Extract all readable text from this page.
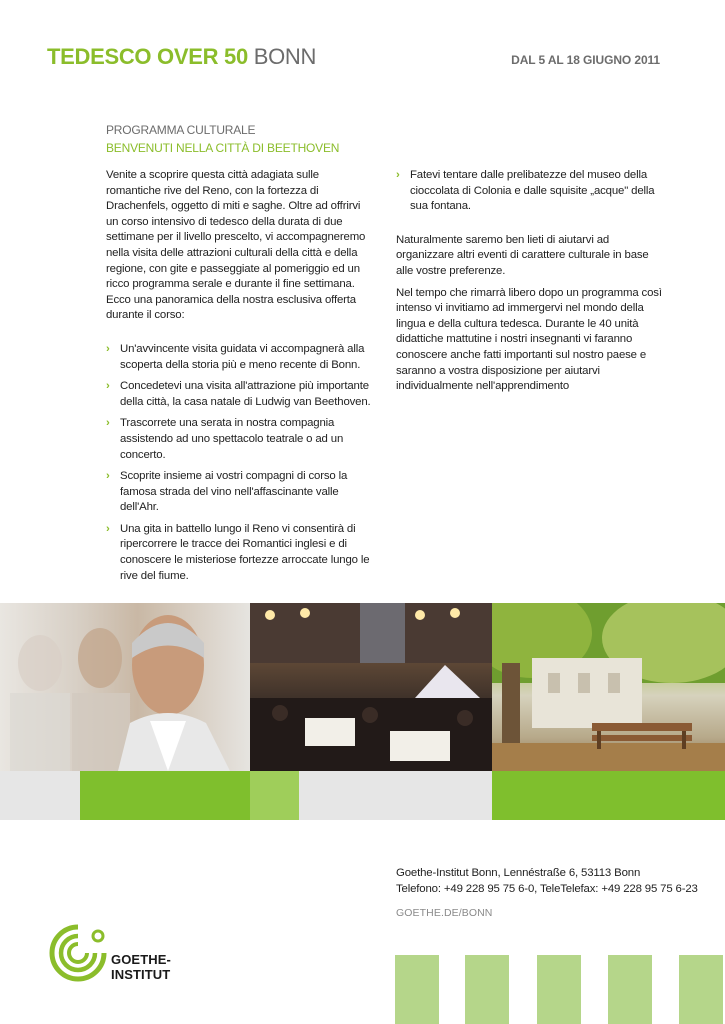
TEDESCO OVER 50 BONN	DAL 5 AL 18 GIUGNO 2011
PROGRAMMA CULTURALE
BENVENUTI NELLA CITTÀ DI BEETHOVEN

Venite a scoprire questa città adagiata sulle romantiche rive del Reno, con la fortezza di Drachenfels, oggetto di miti e saghe. Oltre ad offrirvi un corso intensivo di tedesco della durata di due settimane per il livello prescelto, vi accompagneremo nella visita delle attrazioni culturali della città e della regione, con gite e passeggiate al pomeriggio ed un ricco programma serale e durante il fine settimana. Ecco una panoramica della nostra esclusiva offerta durante il corso:

› Un'avvincente visita guidata vi accompagnerà alla scoperta della storia più e meno recente di Bonn.
› Concedetevi una visita all'attrazione più importante della città, la casa natale di Ludwig van Beethoven.
› Trascorrete una serata in nostra compagnia assistendo ad uno spettacolo teatrale o ad un concerto.
› Scoprite insieme ai vostri compagni di corso la famosa strada del vino nell'affascinante valle dell'Ahr.
› Una gita in battello lungo il Reno vi consentirà di ripercorrere le tracce dei Romantici inglesi e di conoscere le misteriose fortezze arroccate lungo le rive del fiume.
› Fatevi tentare dalle prelibatezze del museo della cioccolata di Colonia e dalle squisite „acque" della sua fontana.

Naturalmente saremo ben lieti di aiutarvi ad organizzare altri eventi di carattere culturale in base alle vostre preferenze.

Nel tempo che rimarrà libero dopo un programma così intenso vi invitiamo ad immergervi nel mondo della lingua e della cultura tedesca. Durante le 40 unità didattiche mattutine i nostri insegnanti vi faranno conoscere anche fatti importanti sul nostro paese e saranno a vostra disposizione per aiutarvi individualmente nell'apprendimento

Goethe-Institut Bonn, Lennéstraße 6, 53113 Bonn
Telefono: +49 228 95 75 6-0, TeleTelefax: +49 228 95 75 6-23
GOETHE.DE/BONN
GOETHE-INSTITUT
